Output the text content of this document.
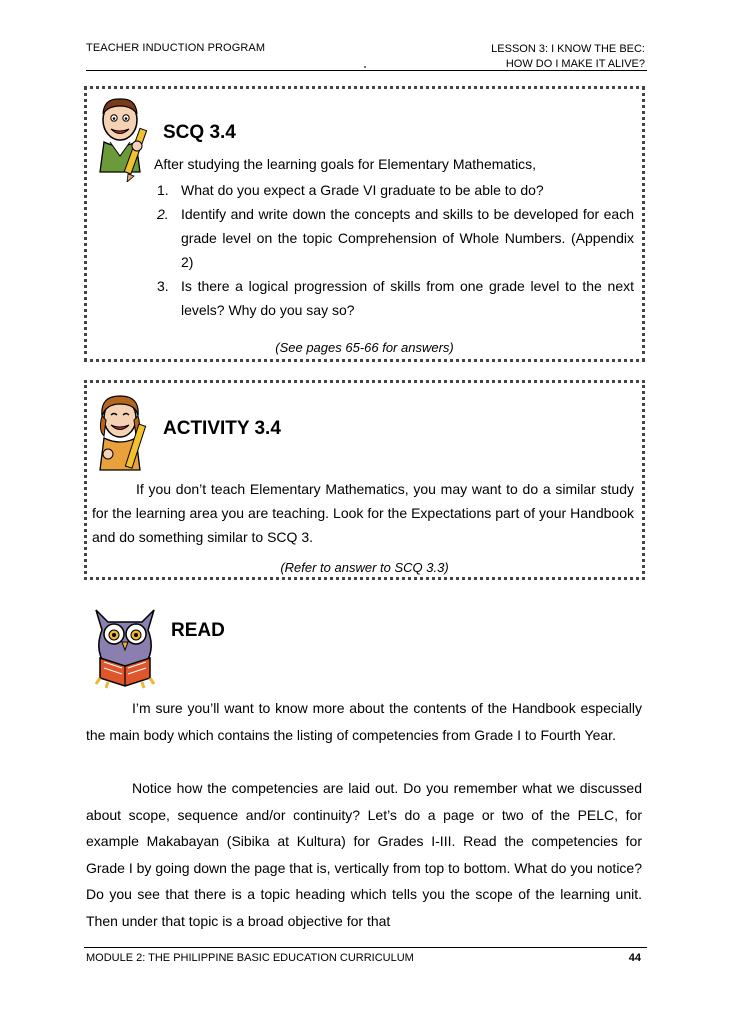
TEACHER INDUCTION PROGRAM	LESSON 3: I KNOW THE BEC:
HOW DO I MAKE IT ALIVE?
SCQ 3.4
After studying the learning goals for Elementary Mathematics,
1. What do you expect a Grade VI graduate to be able to do?
2. Identify and write down the concepts and skills to be developed for each grade level on the topic Comprehension of Whole Numbers. (Appendix 2)
3. Is there a logical progression of skills from one grade level to the next levels? Why do you say so?
(See pages 65-66 for answers)
ACTIVITY 3.4
If you don’t teach Elementary Mathematics, you may want to do a similar study for the learning area you are teaching. Look for the Expectations part of your Handbook and do something similar to SCQ 3.
(Refer to answer to SCQ 3.3)
READ
I’m sure you’ll want to know more about the contents of the Handbook especially the main body which contains the listing of competencies from Grade I to Fourth Year.
Notice how the competencies are laid out. Do you remember what we discussed about scope, sequence and/or continuity? Let’s do a page or two of the PELC, for example Makabayan (Sibika at Kultura) for Grades I-III. Read the competencies for Grade I by going down the page that is, vertically from top to bottom. What do you notice? Do you see that there is a topic heading which tells you the scope of the learning unit. Then under that topic is a broad objective for that
MODULE 2: THE PHILIPPINE BASIC EDUCATION CURRICULUM	44
